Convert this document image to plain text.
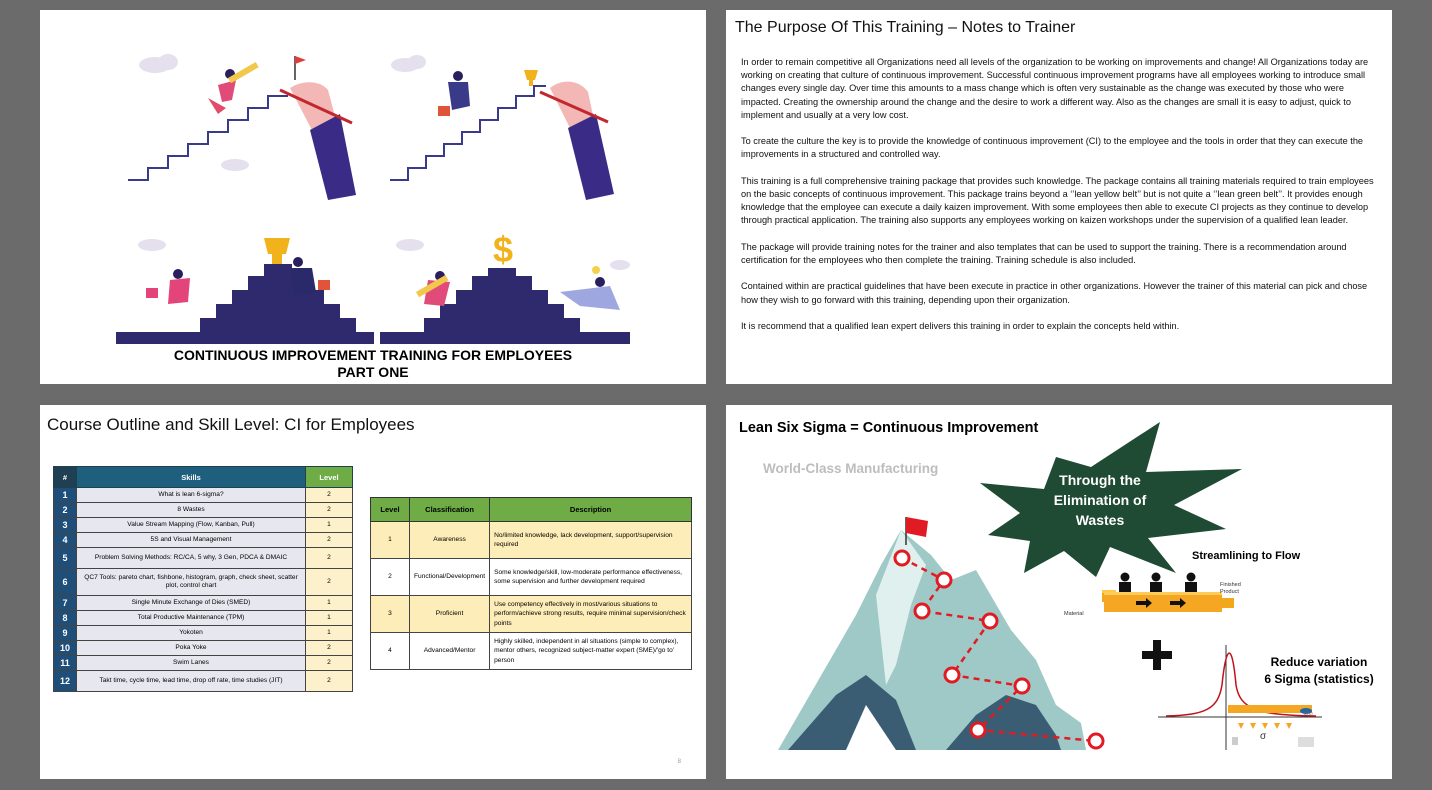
$
CONTINUOUS IMPROVEMENT TRAINING FOR EMPLOYEES
PART ONE
The Purpose Of This Training – Notes to Trainer

In order to remain competitive all Organizations need all levels of the organization to be working on improvements and change! All Organizations today are working on creating that culture of continuous improvement. Successful continuous improvement programs have all employees working to introduce small changes every single day. Over time this amounts to a mass change which is often very sustainable as the change was executed by those who were impacted. Creating the ownership around the change and the desire to work a different way. Also as the changes are small it is easy to adjust, quick to implement and usually at a very low cost.

To create the culture the key is to provide the knowledge of continuous improvement (CI) to the employee and the tools in order that they can execute the improvements in a structured and controlled way.

This training is a full comprehensive training package that provides such knowledge. The package contains all training materials required to train employees on the basic concepts of continuous improvement. This package trains beyond a ‘’lean yellow belt’’ but is not quite a ‘’lean green belt’’. It provides enough knowledge that the employee can execute a daily kaizen improvement. With some employees then able to execute CI projects as they continue to develop through practical application. The training also supports any employees working on kaizen workshops under the supervision of a qualified lean leader.

The package will provide training notes for the trainer and also templates that can be used to support the training. There is a recommendation around certification for the employees who then complete the training. Training schedule is also included.

Contained within are practical guidelines that have been execute in practice in other organizations. However the trainer of this material can pick and chose how they wish to go forward with this training, depending upon their organization.

It is recommend that a qualified lean expert delivers this training in order to explain the concepts held within.

Course Outline and Skill Level: CI for Employees
#	Skills	Level
1	What is lean 6-sigma?	2
2	8 Wastes	2
3	Value Stream Mapping (Flow, Kanban, Pull)	1
4	5S and Visual Management	2
5	Problem Solving Methods: RC/CA, 5 why, 3 Gen, PDCA & DMAIC	2
6	QC7 Tools: pareto chart, fishbone, histogram, graph, check sheet, scatter plot, control chart	2
7	Single Minute Exchange of Dies (SMED)	1
8	Total Productive Maintenance (TPM)	1
9	Yokoten	1
10	Poka Yoke	2
11	Swim Lanes	2
12	Takt time, cycle time, lead time, drop off rate, time studies (JIT)	2
Level	Classification	Description
1	Awareness	No/limited knowledge, lack development, support/supervision required
2	Functional/Development	Some knowledge/skill, low-moderate performance effectiveness, some supervision and further development required
3	Proficient	Use competency effectively in most/various situations to perform/achieve strong results, require minimal supervision/check points
4	Advanced/Mentor	Highly skilled, independent in all situations (simple to complex), mentor others, recognized subject-matter expert (SME)/'go to' person
8
Lean Six Sigma = Continuous Improvement
World-Class Manufacturing
Through the
Elimination of
Wastes
Streamlining to Flow
Material
Finished
Product
Reduce variation
6 Sigma (statistics)
σ
p(x)
